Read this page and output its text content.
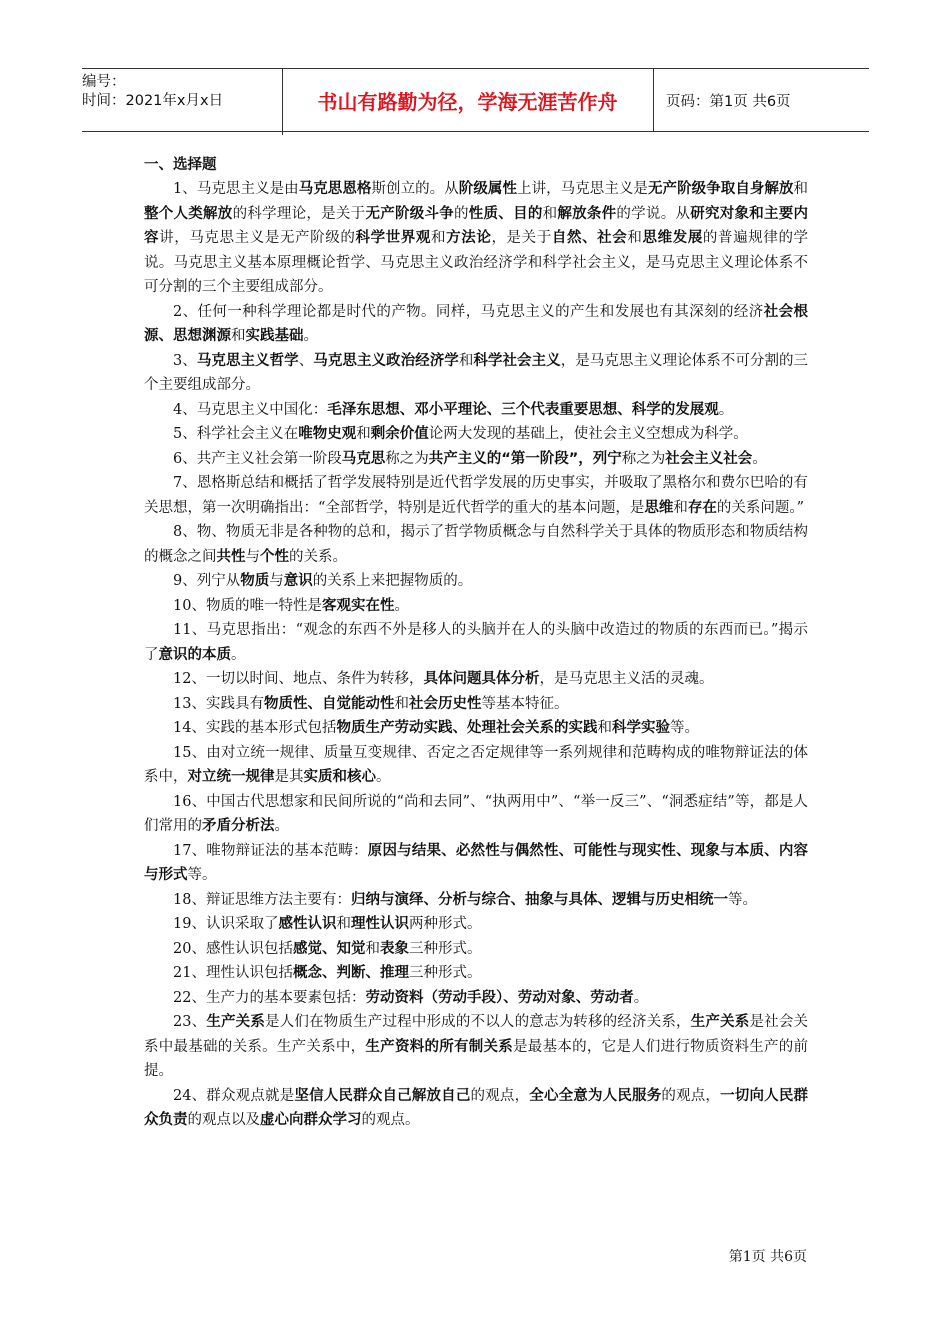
编号：
时间：2021年x月x日	书山有路勤为径，学海无涯苦作舟	页码：第1页 共6页
一、选择题

1、马克思主义是由马克思恩格斯创立的。从阶级属性上讲，马克思主义是无产阶级争取自身解放和整个人类解放的科学理论，是关于无产阶级斗争的性质、目的和解放条件的学说。从研究对象和主要内容讲，马克思主义是无产阶级的科学世界观和方法论，是关于自然、社会和思维发展的普遍规律的学说。马克思主义基本原理概论哲学、马克思主义政治经济学和科学社会主义，是马克思主义理论体系不可分割的三个主要组成部分。

2、任何一种科学理论都是时代的产物。同样，马克思主义的产生和发展也有其深刻的经济社会根源、思想渊源和实践基础。

3、马克思主义哲学、马克思主义政治经济学和科学社会主义，是马克思主义理论体系不可分割的三个主要组成部分。

4、马克思主义中国化：毛泽东思想、邓小平理论、三个代表重要思想、科学的发展观。

5、科学社会主义在唯物史观和剩余价值论两大发现的基础上，使社会主义空想成为科学。

6、共产主义社会第一阶段马克思称之为共产主义的“第一阶段”，列宁称之为社会主义社会。

7、恩格斯总结和概括了哲学发展特别是近代哲学发展的历史事实，并吸取了黑格尔和费尔巴哈的有关思想，第一次明确指出：“全部哲学，特别是近代哲学的重大的基本问题，是思维和存在的关系问题。”

8、物、物质无非是各种物的总和，揭示了哲学物质概念与自然科学关于具体的物质形态和物质结构的概念之间共性与个性的关系。

9、列宁从物质与意识的关系上来把握物质的。

10、物质的唯一特性是客观实在性。

11、马克思指出：“观念的东西不外是移人的头脑并在人的头脑中改造过的物质的东西而已。”揭示了意识的本质。

12、一切以时间、地点、条件为转移，具体问题具体分析，是马克思主义活的灵魂。

13、实践具有物质性、自觉能动性和社会历史性等基本特征。

14、实践的基本形式包括物质生产劳动实践、处理社会关系的实践和科学实验等。

15、由对立统一规律、质量互变规律、否定之否定规律等一系列规律和范畴构成的唯物辩证法的体系中，对立统一规律是其实质和核心。

16、中国古代思想家和民间所说的“尚和去同”、“执两用中”、“举一反三”、“洞悉症结”等，都是人们常用的矛盾分析法。

17、唯物辩证法的基本范畴：原因与结果、必然性与偶然性、可能性与现实性、现象与本质、内容与形式等。

18、辩证思维方法主要有：归纳与演绎、分析与综合、抽象与具体、逻辑与历史相统一等。

19、认识采取了感性认识和理性认识两种形式。

20、感性认识包括感觉、知觉和表象三种形式。

21、理性认识包括概念、判断、推理三种形式。

22、生产力的基本要素包括：劳动资料（劳动手段）、劳动对象、劳动者。

23、生产关系是人们在物质生产过程中形成的不以人的意志为转移的经济关系，生产关系是社会关系中最基础的关系。生产关系中，生产资料的所有制关系是最基本的，它是人们进行物质资料生产的前提。

24、群众观点就是坚信人民群众自己解放自己的观点，全心全意为人民服务的观点，一切向人民群众负责的观点以及虚心向群众学习的观点。

第1页 共6页
